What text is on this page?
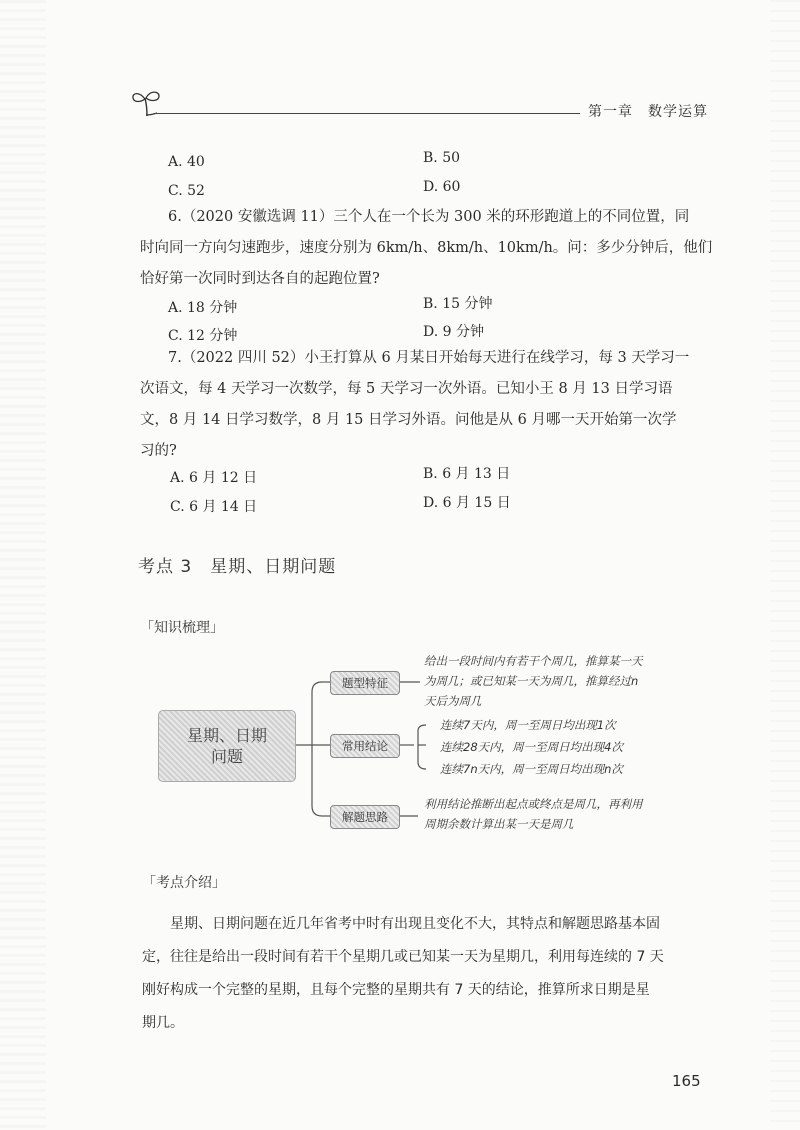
第一章　数学运算
A. 40	B. 50
C. 52	D. 60
6.（2020 安徽选调 11）三个人在一个长为 300 米的环形跑道上的不同位置，同
时向同一方向匀速跑步，速度分别为 6km/h、8km/h、10km/h。问：多少分钟后，他们
恰好第一次同时到达各自的起跑位置?
A. 18 分钟	B. 15 分钟
C. 12 分钟	D. 9 分钟
7.（2022 四川 52）小王打算从 6 月某日开始每天进行在线学习，每 3 天学习一
次语文，每 4 天学习一次数学，每 5 天学习一次外语。已知小王 8 月 13 日学习语
文，8 月 14 日学习数学，8 月 15 日学习外语。问他是从 6 月哪一天开始第一次学
习的?
A. 6 月 12 日	B. 6 月 13 日
C. 6 月 14 日	D. 6 月 15 日
考点 3　星期、日期问题
「知识梳理」
星期、日期
问题
题型特征
常用结论
解题思路
给出一段时间内有若干个周几，推算某一天
为周几；或已知某一天为周几，推算经过n
天后为周几
连续7天内，周一至周日均出现1次
连续28天内，周一至周日均出现4次
连续7n天内，周一至周日均出现n次
利用结论推断出起点或终点是周几，再利用
周期余数计算出某一天是周几
「考点介绍」
星期、日期问题在近几年省考中时有出现且变化不大，其特点和解题思路基本固
定，往往是给出一段时间有若干个星期几或已知某一天为星期几，利用每连续的 7 天
刚好构成一个完整的星期，且每个完整的星期共有 7 天的结论，推算所求日期是星
期几。
165
